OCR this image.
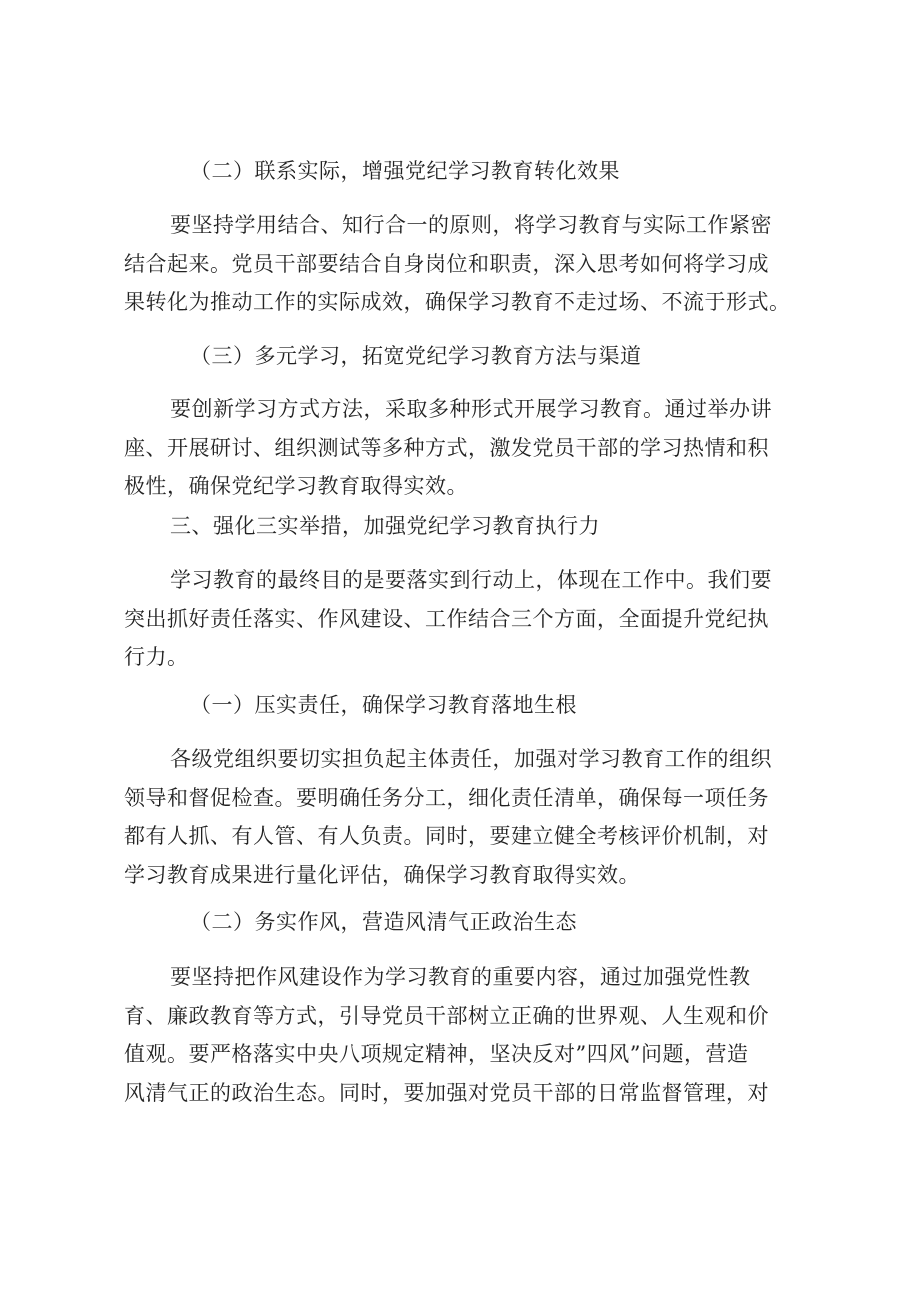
（二）联系实际，增强党纪学习教育转化效果
要坚持学用结合、知行合一的原则，将学习教育与实际工作紧密
结合起来。党员干部要结合自身岗位和职责，深入思考如何将学习成
果转化为推动工作的实际成效，确保学习教育不走过场、不流于形式。
（三）多元学习，拓宽党纪学习教育方法与渠道
要创新学习方式方法，采取多种形式开展学习教育。通过举办讲
座、开展研讨、组织测试等多种方式，激发党员干部的学习热情和积
极性，确保党纪学习教育取得实效。
三、强化三实举措，加强党纪学习教育执行力
学习教育的最终目的是要落实到行动上，体现在工作中。我们要
突出抓好责任落实、作风建设、工作结合三个方面，全面提升党纪执
行力。
（一）压实责任，确保学习教育落地生根
各级党组织要切实担负起主体责任，加强对学习教育工作的组织
领导和督促检查。要明确任务分工，细化责任清单，确保每一项任务
都有人抓、有人管、有人负责。同时，要建立健全考核评价机制，对
学习教育成果进行量化评估，确保学习教育取得实效。
（二）务实作风，营造风清气正政治生态
要坚持把作风建设作为学习教育的重要内容，通过加强党性教
育、廉政教育等方式，引导党员干部树立正确的世界观、人生观和价
值观。要严格落实中央八项规定精神，坚决反对”四风”问题，营造
风清气正的政治生态。同时，要加强对党员干部的日常监督管理，对
